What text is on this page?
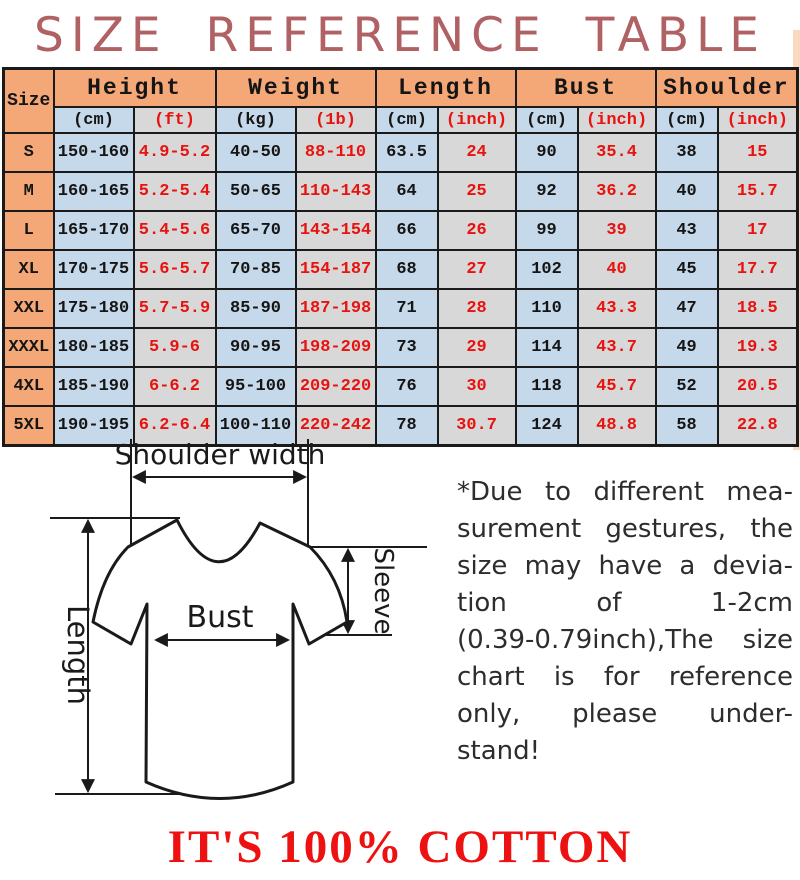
SIZE REFERENCE TABLE
Size	Height		Weight		Length		Bust		Shoulder	
	(cm)	(ft)	(kg)	(1b)	(cm)	(inch)	(cm)	(inch)	(cm)	(inch)
S	150-160	4.9-5.2	40-50	88-110	63.5	24	90	35.4	38	15
M	160-165	5.2-5.4	50-65	110-143	64	25	92	36.2	40	15.7
L	165-170	5.4-5.6	65-70	143-154	66	26	99	39	43	17
XL	170-175	5.6-5.7	70-85	154-187	68	27	102	40	45	17.7
XXL	175-180	5.7-5.9	85-90	187-198	71	28	110	43.3	47	18.5
XXXL	180-185	5.9-6	90-95	198-209	73	29	114	43.7	49	19.3
4XL	185-190	6-6.2	95-100	209-220	76	30	118	45.7	52	20.5
5XL	190-195	6.2-6.4	100-110	220-242	78	30.7	124	48.8	58	22.8
Shoulder width
Length
Sleeve
Bust
*Due to different mea-
surement gestures, the
size may have a devia-
tion of 1-2cm
(0.39-0.79inch),The size
chart is for reference
only, please under-
stand!
IT'S 100% COTTON
